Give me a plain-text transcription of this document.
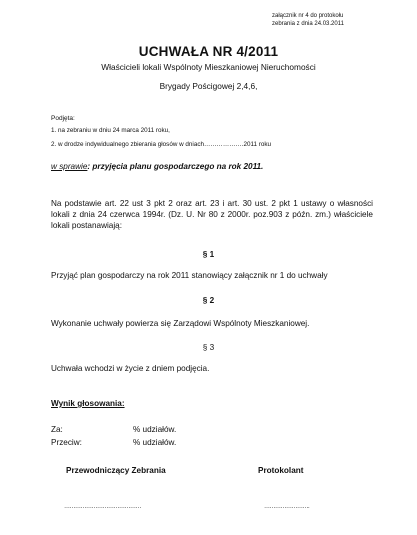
załącznik nr 4 do protokołu
zebrania z dnia 24.03.2011
UCHWAŁA NR 4/2011
Właścicieli lokali Wspólnoty Mieszkaniowej Nieruchomości
Brygady Pościgowej 2,4,6,
Podjęta:
1. na zebraniu w dniu 24 marca 2011 roku,
2. w drodze indywidualnego zbierania głosów w dniach……………….2011 roku
w sprawie: przyjęcia planu gospodarczego na rok 2011.
Na podstawie art. 22 ust 3 pkt 2 oraz art. 23 i art. 30 ust. 2 pkt 1 ustawy o własności lokali z dnia 24 czerwca 1994r. (Dz. U. Nr 80 z 2000r. poz.903 z późn. zm.) właściciele lokali postanawiają:
§ 1
Przyjąć plan gospodarczy na rok 2011 stanowiący załącznik nr 1 do uchwały
§ 2
Wykonanie uchwały powierza się Zarządowi Wspólnoty Mieszkaniowej.
§ 3
Uchwała wchodzi w życie z dniem podjęcia.
Wynik głosowania:
Za:	% udziałów.
Przeciw:	% udziałów.
Przewodniczący Zebrania	Protokolant
……………………………………	…………………….
